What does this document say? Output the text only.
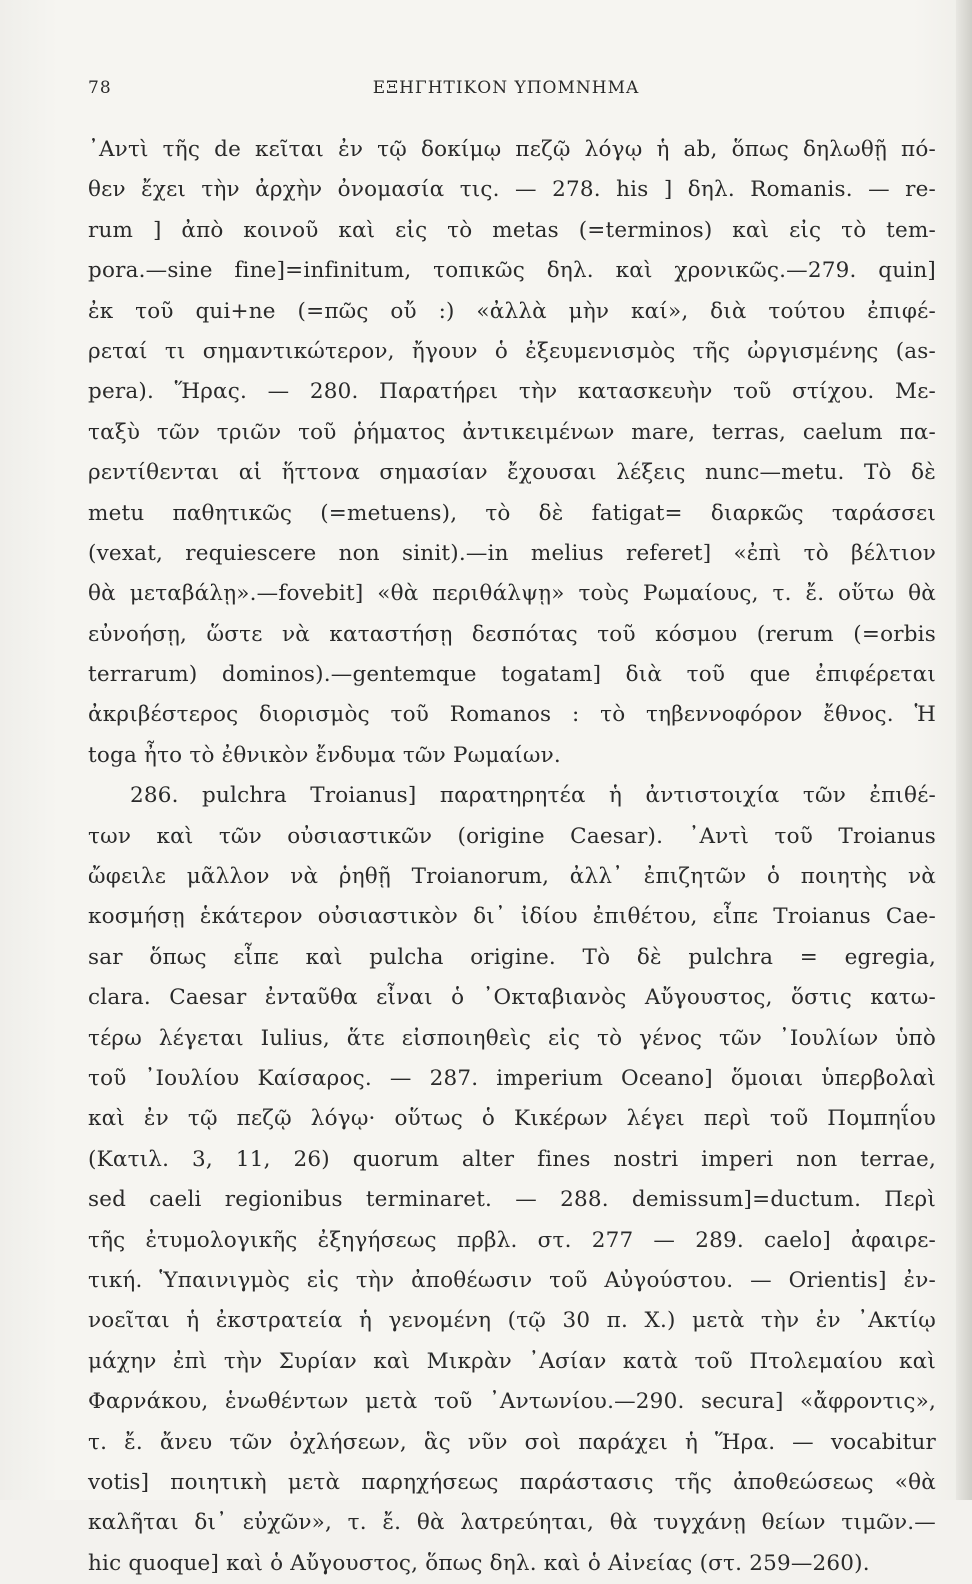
78	ΕΞΗΓΗΤΙΚΟΝ ΥΠΟΜΝΗΜΑ
᾿Αντὶ τῆς de κεῖται ἐν τῷ δοκίμῳ πεζῷ λόγῳ ἡ ab, ὅπως δηλωθῇ πό-
θεν ἔχει τὴν ἀρχὴν ὀνομασία τις. — 278. his ] δηλ. Romanis. — re-
rum ] ἀπὸ κοινοῦ καὶ εἰς τὸ metas (=terminos) καὶ εἰς τὸ tem-
pora.—sine fine]=infinitum, τοπικῶς δηλ. καὶ χρονικῶς.—279. quin]
ἐκ τοῦ qui+ne (=πῶς οὔ :) «ἀλλὰ μὴν καί», διὰ τούτου ἐπιφέ-
ρεταί τι σημαντικώτερον, ἤγουν ὁ ἐξευμενισμὸς τῆς ὠργισμένης (as-
pera). Ἥρας. — 280. Παρατήρει τὴν κατασκευὴν τοῦ στίχου. Με-
ταξὺ τῶν τριῶν τοῦ ῥήματος ἀντικειμένων mare, terras, caelum πα-
ρεντίθενται αἱ ἥττονα σημασίαν ἔχουσαι λέξεις nunc—metu. Τὸ δὲ
metu παθητικῶς (=metuens), τὸ δὲ fatigat= διαρκῶς ταράσσει
(vexat, requiescere non sinit).—in melius referet] «ἐπὶ τὸ βέλτιον
θὰ μεταβάλῃ».—fovebit] «θὰ περιθάλψῃ» τοὺς Ρωμαίους, τ. ἔ. οὕτω θὰ
εὐνοήσῃ, ὥστε νὰ καταστήσῃ δεσπότας τοῦ κόσμου (rerum (=orbis
terrarum) dominos).—gentemque togatam] διὰ τοῦ que ἐπιφέρεται
ἀκριβέστερος διορισμὸς τοῦ Romanos : τὸ τηβεννοφόρον ἔθνος. Ἡ
toga ἦτο τὸ ἐθνικὸν ἔνδυμα τῶν Ρωμαίων.
286. pulchra Troianus] παρατηρητέα ἡ ἀντιστοιχία τῶν ἐπιθέ-
των καὶ τῶν οὐσιαστικῶν (origine Caesar). ᾿Αντὶ τοῦ Troianus
ὤφειλε μᾶλλον νὰ ῥηθῇ Troianorum, ἀλλ᾿ ἐπιζητῶν ὁ ποιητὴς νὰ
κοσμήσῃ ἑκάτερον οὐσιαστικὸν δι᾿ ἰδίου ἐπιθέτου, εἶπε Troianus Cae-
sar ὅπως εἶπε καὶ pulcha origine. Τὸ δὲ pulchra = egregia,
clara. Caesar ἐνταῦθα εἶναι ὁ ᾿Οκταβιανὸς Αὔγουστος, ὅστις κατω-
τέρω λέγεται Iulius, ἅτε εἰσποιηθεὶς εἰς τὸ γένος τῶν ᾿Ιουλίων ὑπὸ
τοῦ ᾿Ιουλίου Καίσαρος. — 287. imperium Oceano] ὅμοιαι ὑπερβολαὶ
καὶ ἐν τῷ πεζῷ λόγῳ· οὕτως ὁ Κικέρων λέγει περὶ τοῦ Πομπηΐου
(Κατιλ. 3, 11, 26) quorum alter fines nostri imperi non terrae,
sed caeli regionibus terminaret. — 288. demissum]=ductum. Περὶ
τῆς ἐτυμολογικῆς ἐξηγήσεως πρβλ. στ. 277 — 289. caelo] ἀφαιρε-
τική. Ὑπαινιγμὸς εἰς τὴν ἀποθέωσιν τοῦ Αὐγούστου. — Orientis] ἐν-
νοεῖται ἡ ἐκστρατεία ἡ γενομένη (τῷ 30 π. Χ.) μετὰ τὴν ἐν ᾿Ακτίῳ
μάχην ἐπὶ τὴν Συρίαν καὶ Μικρὰν ᾿Ασίαν κατὰ τοῦ Πτολεμαίου καὶ
Φαρνάκου, ἑνωθέντων μετὰ τοῦ ᾿Αντωνίου.—290. secura] «ἄφροντις»,
τ. ἔ. ἄνευ τῶν ὀχλήσεων, ἃς νῦν σοὶ παράχει ἡ Ἥρα. — vocabitur
votis] ποιητικὴ μετὰ παρηχήσεως παράστασις τῆς ἀποθεώσεως «θὰ
καλῆται δι᾿ εὐχῶν», τ. ἔ. θὰ λατρεύηται, θὰ τυγχάνῃ θείων τιμῶν.—
hic quoque] καὶ ὁ Αὔγουστος, ὅπως δηλ. καὶ ὁ Αἰνείας (στ. 259—260).
